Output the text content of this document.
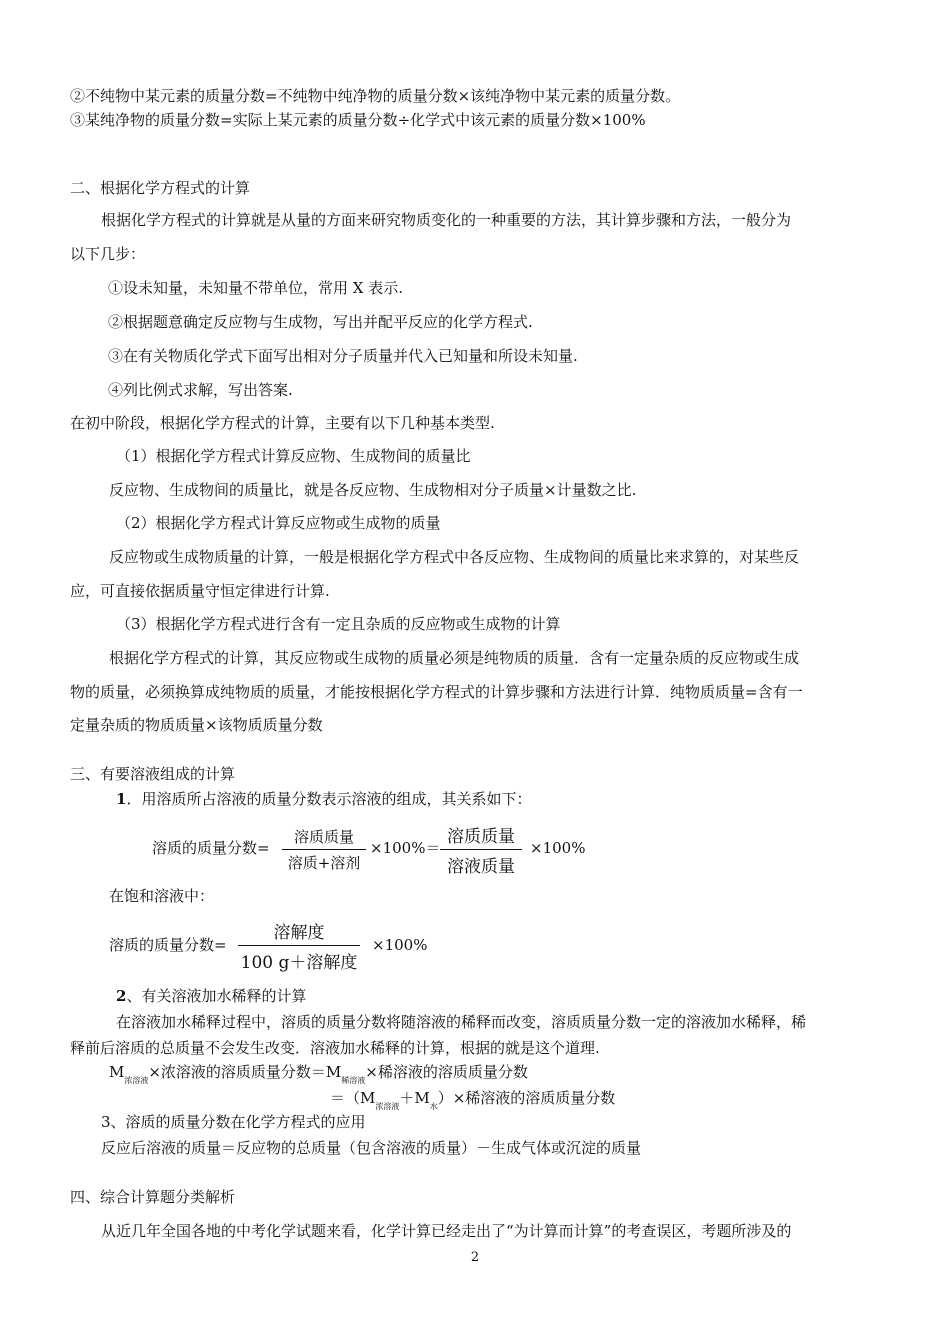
②不纯物中某元素的质量分数=不纯物中纯净物的质量分数×该纯净物中某元素的质量分数。
③某纯净物的质量分数=实际上某元素的质量分数÷化学式中该元素的质量分数×100%
二、根据化学方程式的计算
根据化学方程式的计算就是从量的方面来研究物质变化的一种重要的方法，其计算步骤和方法，一般分为
以下几步：
①设未知量，未知量不带单位，常用 X 表示.
②根据题意确定反应物与生成物，写出并配平反应的化学方程式.
③在有关物质化学式下面写出相对分子质量并代入已知量和所设未知量.
④列比例式求解，写出答案.
在初中阶段，根据化学方程式的计算，主要有以下几种基本类型.
（1）根据化学方程式计算反应物、生成物间的质量比
反应物、生成物间的质量比，就是各反应物、生成物相对分子质量×计量数之比.
（2）根据化学方程式计算反应物或生成物的质量
反应物或生成物质量的计算，一般是根据化学方程式中各反应物、生成物间的质量比来求算的，对某些反
应，可直接依据质量守恒定律进行计算.
（3）根据化学方程式进行含有一定且杂质的反应物或生成物的计算
根据化学方程式的计算，其反应物或生成物的质量必须是纯物质的质量．含有一定量杂质的反应物或生成
物的质量，必须换算成纯物质的质量，才能按根据化学方程式的计算步骤和方法进行计算．纯物质质量=含有一
定量杂质的物质质量×该物质质量分数
三、有要溶液组成的计算
1．用溶质所占溶液的质量分数表示溶液的组成，其关系如下：
溶质的质量分数=
溶质质量
溶质+溶剂
×100%＝
溶质质量
溶液质量
×100%
在饱和溶液中：
溶质的质量分数=
溶解度
100 g＋溶解度
×100%
2、有关溶液加水稀释的计算
在溶液加水稀释过程中，溶质的质量分数将随溶液的稀释而改变，溶质质量分数一定的溶液加水稀释，稀
释前后溶质的总质量不会发生改变．溶液加水稀释的计算，根据的就是这个道理.
$M_{浓溶液}\times$浓溶液的溶质质量分数$=M_{稀溶液}\times$稀溶液的溶质质量分数
$=(M_{浓溶液}+M_水)\times$稀溶液的溶质质量分数
3、溶质的质量分数在化学方程式的应用
反应后溶液的质量＝反应物的总质量（包含溶液的质量）－生成气体或沉淀的质量
四、综合计算题分类解析
从近几年全国各地的中考化学试题来看，化学计算已经走出了“为计算而计算”的考查误区，考题所涉及的
2
